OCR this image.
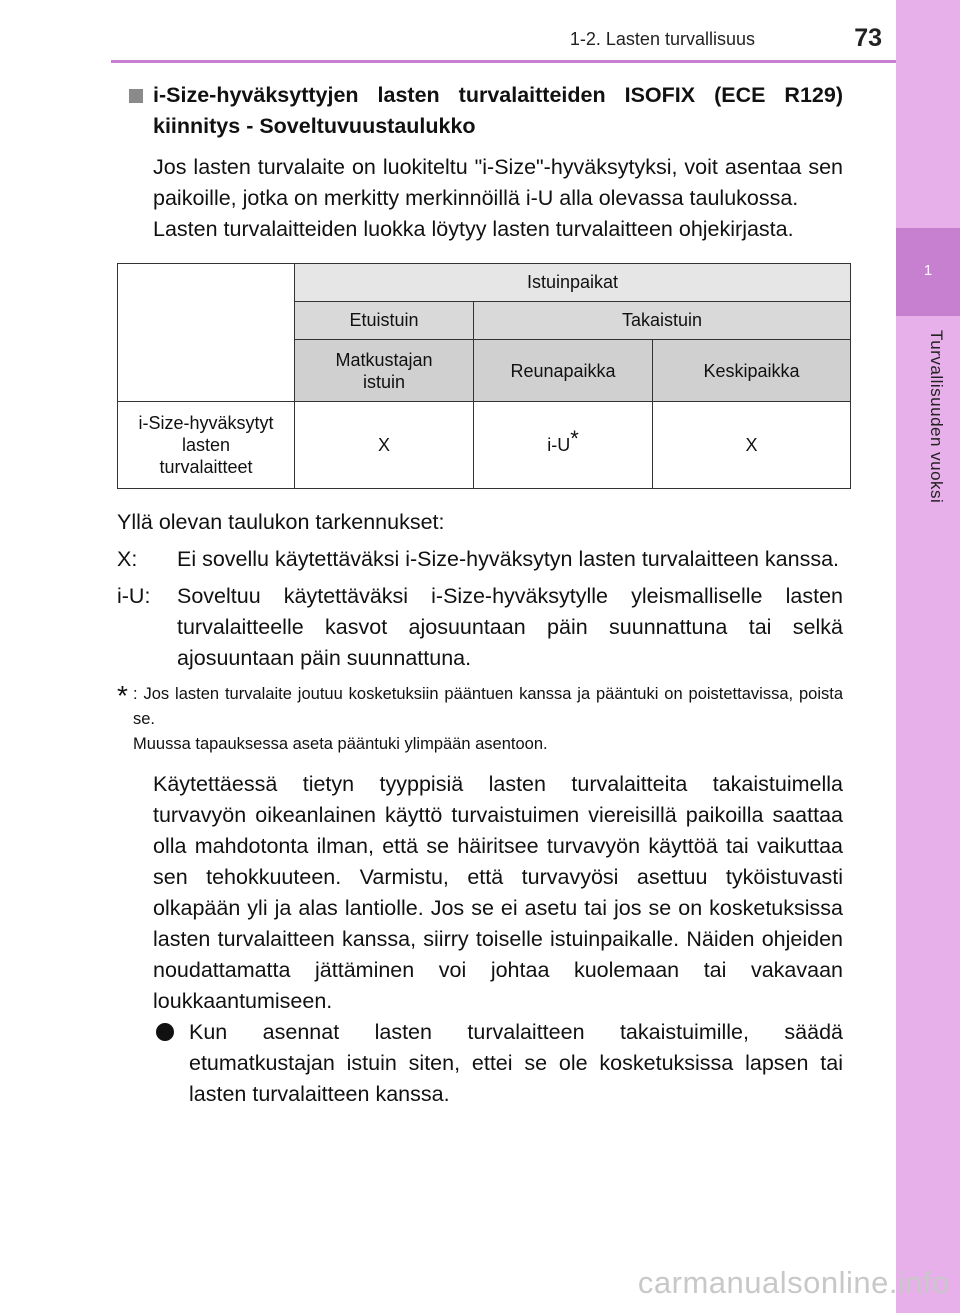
1
Turvallisuuden vuoksi
1-2. Lasten turvallisuus	73
i-Size-hyväksyttyjen lasten turvalaitteiden ISOFIX (ECE R129) kiinnitys - Soveltuvuustaulukko
Jos lasten turvalaite on luokiteltu "i-Size"-hyväksytyksi, voit asentaa sen paikoille, jotka on merkitty merkinnöillä i-U alla olevassa taulukossa.
Lasten turvalaitteiden luokka löytyy lasten turvalaitteen ohjekirjasta.
	Istuinpaikat		
	Etuistuin	Takaistuin	
	Matkustajan
istuin	Reunapaikka	Keskipaikka
i-Size-hyväksytyt
lasten
turvalaitteet	X	i-U*	X
Yllä olevan taulukon tarkennukset:
X:	Ei sovellu käytettäväksi i-Size-hyväksytyn lasten turvalaitteen kanssa.
i-U:	Soveltuu käytettäväksi i-Size-hyväksytylle yleismalliselle lasten turvalaitteelle kasvot ajosuuntaan päin suunnattuna tai selkä ajosuuntaan päin suunnattuna.
* : Jos lasten turvalaite joutuu kosketuksiin pääntuen kanssa ja pääntuki on poistettavissa, poista se.
Muussa tapauksessa aseta pääntuki ylimpään asentoon.
Käytettäessä tietyn tyyppisiä lasten turvalaitteita takaistuimella turvavyön oikeanlainen käyttö turvaistuimen viereisillä paikoilla saattaa olla mahdotonta ilman, että se häiritsee turvavyön käyttöä tai vaikuttaa sen tehokkuuteen. Varmistu, että turvavyösi asettuu tyköistuvasti olkapään yli ja alas lantiolle. Jos se ei asetu tai jos se on kosketuksissa lasten turvalaitteen kanssa, siirry toiselle istuinpaikalle. Näiden ohjeiden noudattamatta jättäminen voi johtaa kuolemaan tai vakavaan loukkaantumiseen.
Kun asennat lasten turvalaitteen takaistuimille, säädä etumatkustajan istuin siten, ettei se ole kosketuksissa lapsen tai lasten turvalaitteen kanssa.
carmanualsonline.info
